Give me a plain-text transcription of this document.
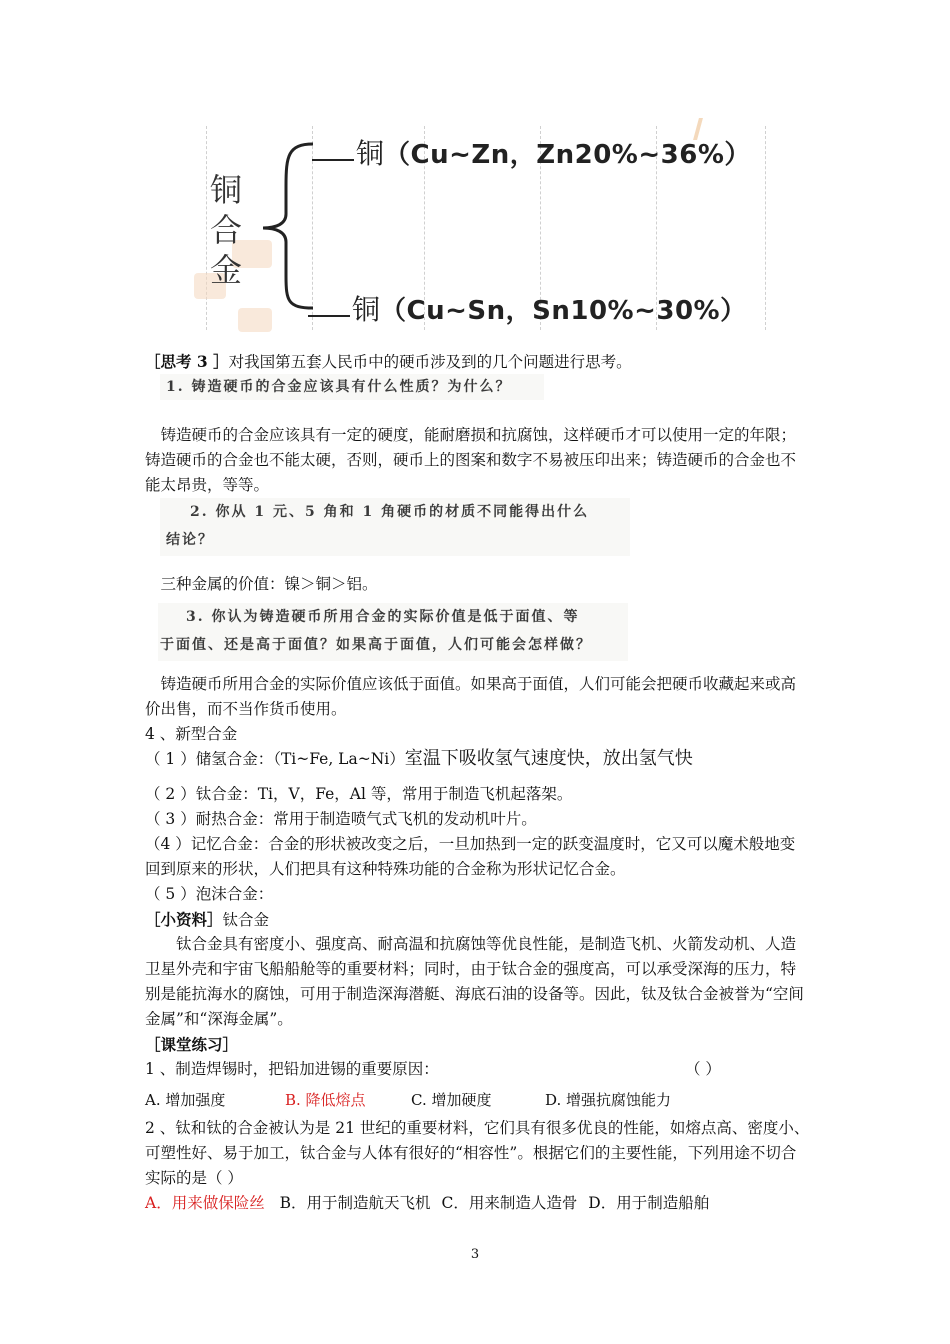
铜
合
金
铜（Cu~Zn，Zn20%~36%）
铜（Cu~Sn，Sn10%~30%）
［思考 3 ］对我国第五套人民币中的硬币涉及到的几个问题进行思考。
1. 铸造硬币的合金应该具有什么性质？为什么？
铸造硬币的合金应该具有一定的硬度，能耐磨损和抗腐蚀，这样硬币才可以使用一定的年限；铸造硬币的合金也不能太硬，否则，硬币上的图案和数字不易被压印出来；铸造硬币的合金也不能太昂贵，等等。
2. 你从 1 元、5 角和 1 角硬币的材质不同能得出什么
结论？
三种金属的价值：镍＞铜＞铝。
3. 你认为铸造硬币所用合金的实际价值是低于面值、等
于面值、还是高于面值？如果高于面值，人们可能会怎样做？
铸造硬币所用合金的实际价值应该低于面值。如果高于面值，人们可能会把硬币收藏起来或高价出售，而不当作货币使用。
4 、新型合金
（ 1 ）储氢合金：（Ti~Fe, La~Ni）室温下吸收氢气速度快，放出氢气快
（ 2 ）钛合金：Ti，V，Fe，Al 等，常用于制造飞机起落架。
（ 3 ）耐热合金：常用于制造喷气式飞机的发动机叶片。
（4 ）记忆合金：合金的形状被改变之后，一旦加热到一定的跃变温度时，它又可以魔术般地变回到原来的形状，人们把具有这种特殊功能的合金称为形状记忆合金。
（ 5 ）泡沫合金：
［小资料］钛合金
钛合金具有密度小、强度高、耐高温和抗腐蚀等优良性能，是制造飞机、火箭发动机、人造卫星外壳和宇宙飞船船舱等的重要材料；同时，由于钛合金的强度高，可以承受深海的压力，特别是能抗海水的腐蚀，可用于制造深海潜艇、海底石油的设备等。因此，钛及钛合金被誉为“空间金属”和“深海金属”。
［课堂练习］
1 、制造焊锡时，把铅加进锡的重要原因：	（ ）
A. 增加强度	B. 降低熔点	C. 增加硬度	D. 增强抗腐蚀能力
2 、钛和钛的合金被认为是 21 世纪的重要材料，它们具有很多优良的性能，如熔点高、密度小、可塑性好、易于加工，钛合金与人体有很好的“相容性”。根据它们的主要性能，下列用途不切合实际的是（ ）
A．用来做保险丝 B．用于制造航天飞机 C．用来制造人造骨 D．用于制造船舶
3
